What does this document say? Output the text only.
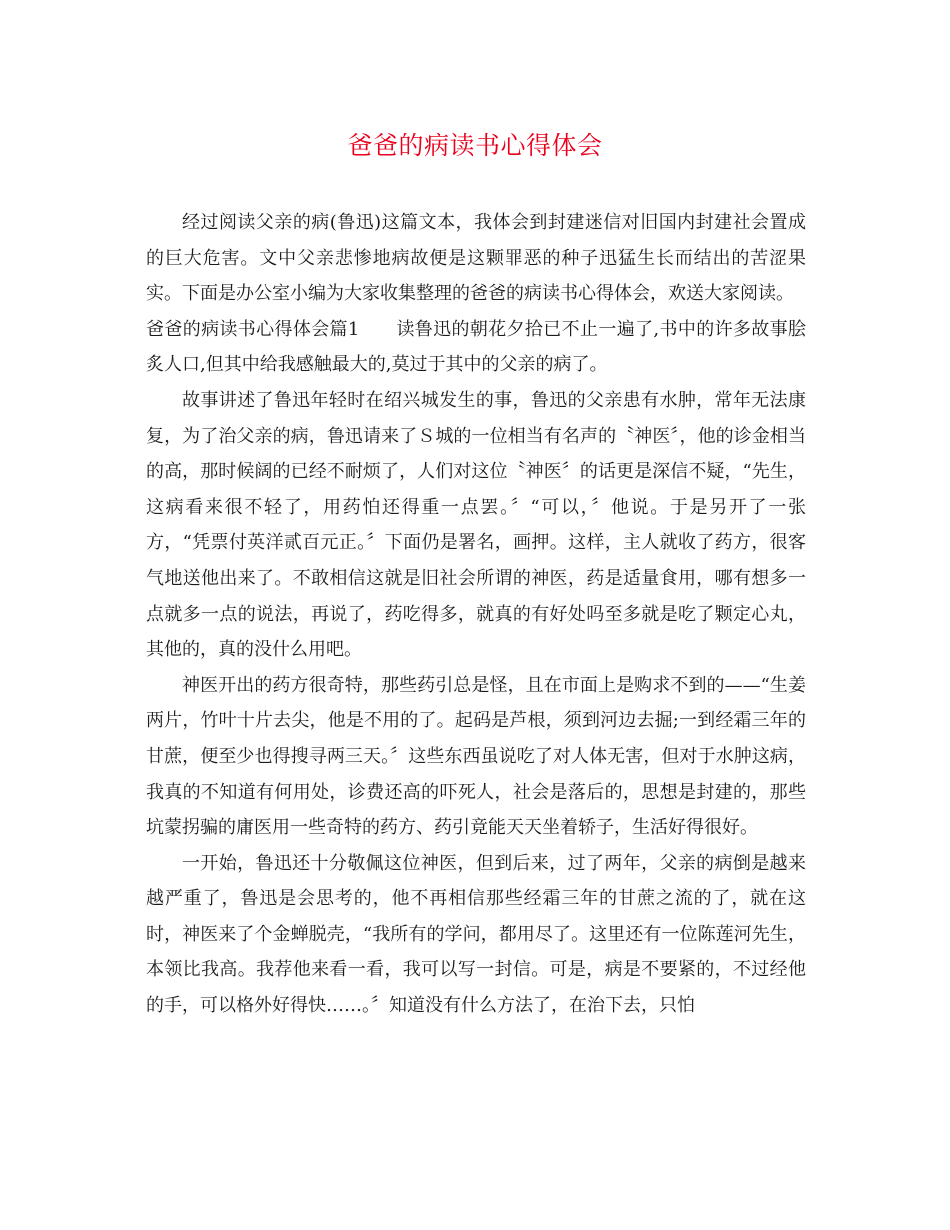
爸爸的病读书心得体会

经过阅读父亲的病(鲁迅)这篇文本，我体会到封建迷信对旧国内封建社会置成的巨大危害。文中父亲悲惨地病故便是这颗罪恶的种子迅猛生长而结出的苦涩果实。下面是办公室小编为大家收集整理的爸爸的病读书心得体会，欢送大家阅读。

爸爸的病读书心得体会篇1　　读鲁迅的朝花夕拾已不止一遍了,书中的许多故事脍炙人口,但其中给我感触最大的,莫过于其中的父亲的病了。

故事讲述了鲁迅年轻时在绍兴城发生的事，鲁迅的父亲患有水肿，常年无法康复，为了治父亲的病，鲁迅请来了Ｓ城的一位相当有名声的〝神医〞，他的诊金相当的高，那时候阔的已经不耐烦了，人们对这位〝神医〞的话更是深信不疑，“先生，这病看来很不轻了，用药怕还得重一点罢。〞“可以，〞他说。于是另开了一张方，“凭票付英洋贰百元正。〞下面仍是署名，画押。这样，主人就收了药方，很客气地送他出来了。不敢相信这就是旧社会所谓的神医，药是适量食用，哪有想多一点就多一点的说法，再说了，药吃得多，就真的有好处吗至多就是吃了颗定心丸，其他的，真的没什么用吧。

神医开出的药方很奇特，那些药引总是怪，且在市面上是购求不到的——“生姜两片，竹叶十片去尖，他是不用的了。起码是芦根，须到河边去掘;一到经霜三年的甘蔗，便至少也得搜寻两三天。〞这些东西虽说吃了对人体无害，但对于水肿这病，我真的不知道有何用处，诊费还高的吓死人，社会是落后的，思想是封建的，那些坑蒙拐骗的庸医用一些奇特的药方、药引竟能天天坐着轿子，生活好得很好。

一开始，鲁迅还十分敬佩这位神医，但到后来，过了两年，父亲的病倒是越来越严重了，鲁迅是会思考的，他不再相信那些经霜三年的甘蔗之流的了，就在这时，神医来了个金蝉脱壳，“我所有的学问，都用尽了。这里还有一位陈莲河先生，本领比我高。我荐他来看一看，我可以写一封信。可是，病是不要紧的，不过经他的手，可以格外好得快……。〞知道没有什么方法了，在治下去，只怕
